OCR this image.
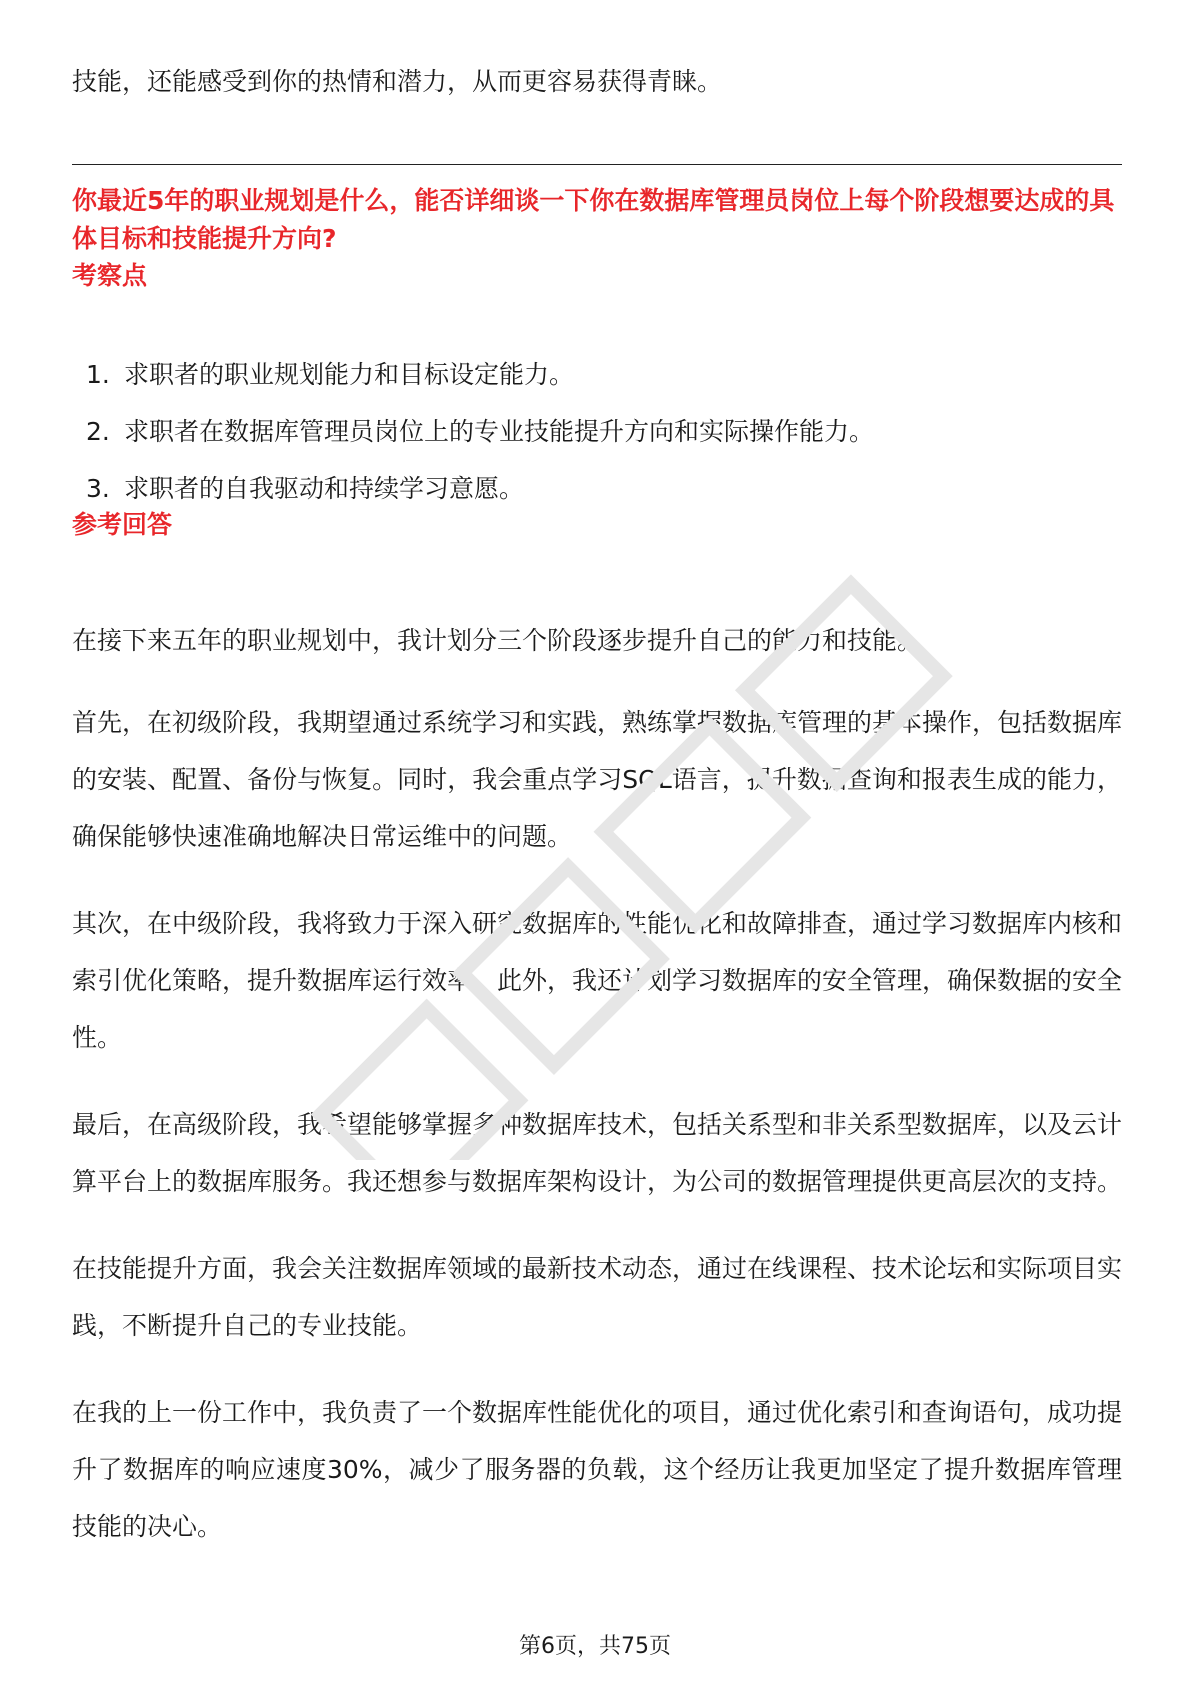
技能，还能感受到你的热情和潜力，从而更容易获得青睐。

你最近5年的职业规划是什么，能否详细谈一下你在数据库管理员岗位上每个阶段想要达成的具体目标和技能提升方向?

考察点

1. 求职者的职业规划能力和目标设定能力。
2. 求职者在数据库管理员岗位上的专业技能提升方向和实际操作能力。
3. 求职者的自我驱动和持续学习意愿。

参考回答

在接下来五年的职业规划中，我计划分三个阶段逐步提升自己的能力和技能。

首先，在初级阶段，我期望通过系统学习和实践，熟练掌握数据库管理的基本操作，包括数据库的安装、配置、备份与恢复。同时，我会重点学习SQL语言，提升数据查询和报表生成的能力，确保能够快速准确地解决日常运维中的问题。

其次，在中级阶段，我将致力于深入研究数据库的性能优化和故障排查，通过学习数据库内核和索引优化策略，提升数据库运行效率。此外，我还计划学习数据库的安全管理，确保数据的安全性。

最后，在高级阶段，我希望能够掌握多种数据库技术，包括关系型和非关系型数据库，以及云计算平台上的数据库服务。我还想参与数据库架构设计，为公司的数据管理提供更高层次的支持。

在技能提升方面，我会关注数据库领域的最新技术动态，通过在线课程、技术论坛和实际项目实践，不断提升自己的专业技能。

在我的上一份工作中，我负责了一个数据库性能优化的项目，通过优化索引和查询语句，成功提升了数据库的响应速度30%，减少了服务器的负载，这个经历让我更加坚定了提升数据库管理技能的决心。

第6页，共75页
